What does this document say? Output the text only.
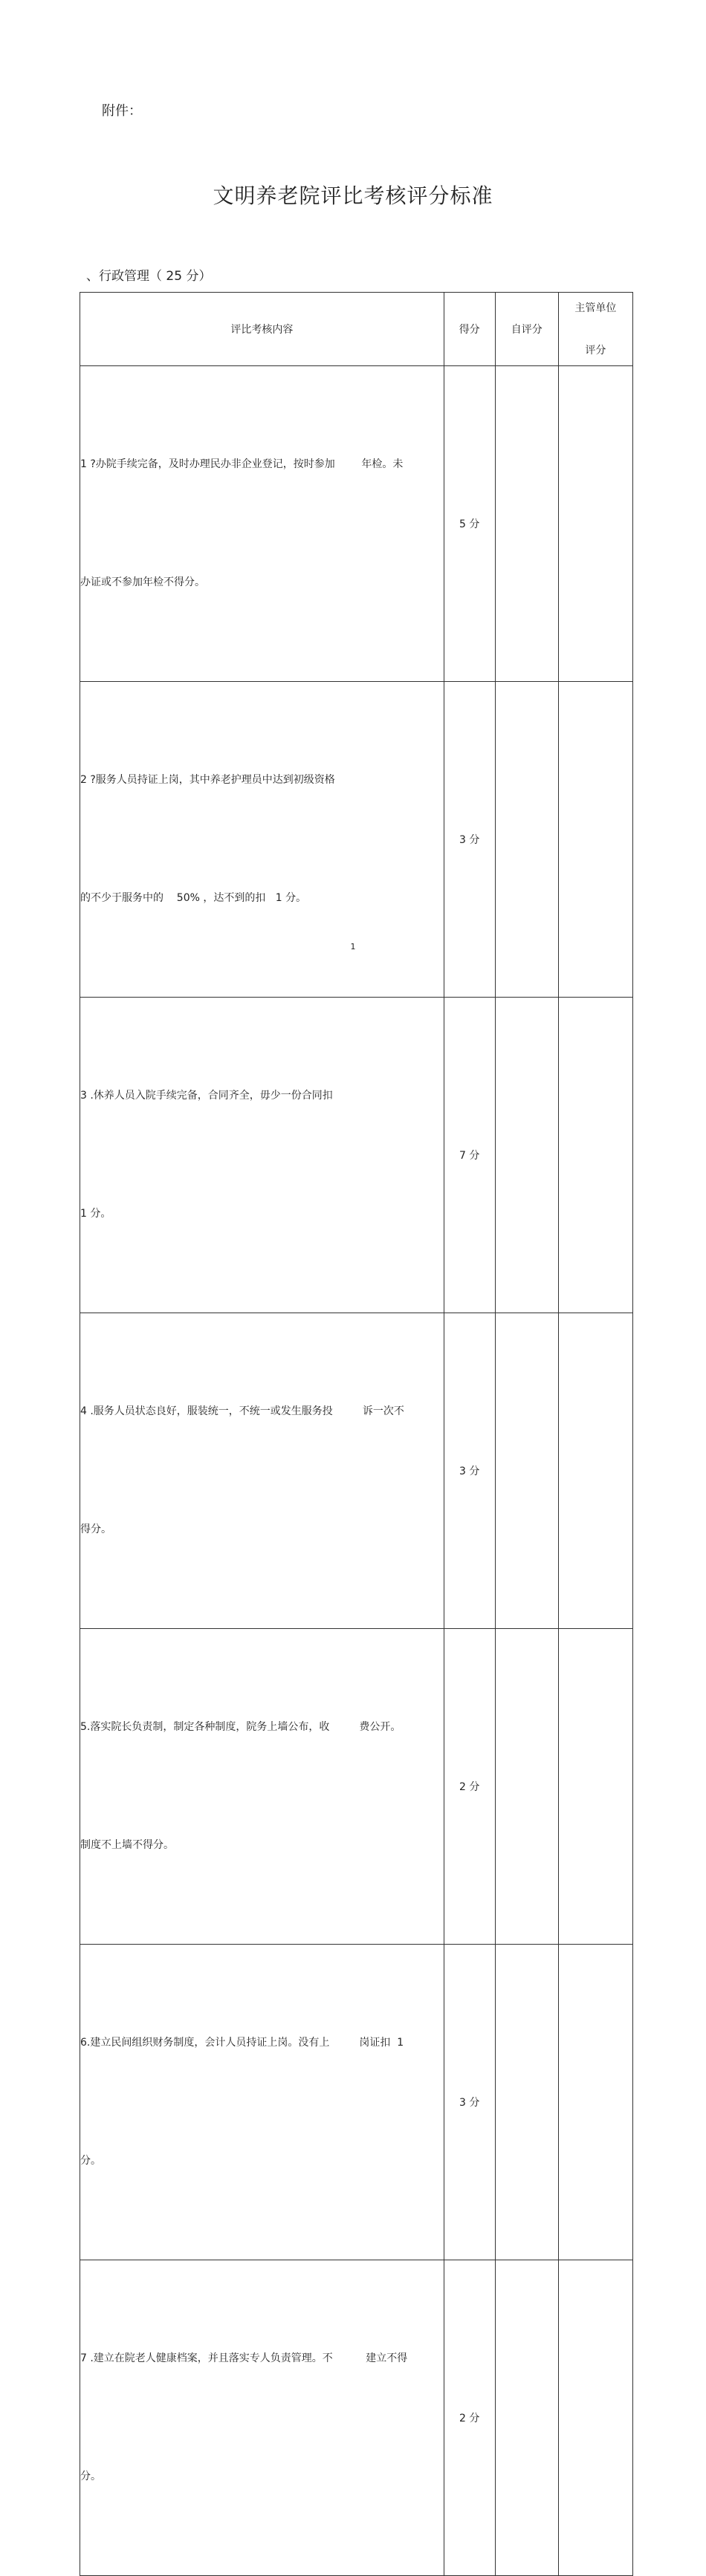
附件：
文明养老院评比考核评分标准
、行政管理（ 25 分）
评比考核内容	得分	自评分	主管单位
评分

1 ?办院手续完备，及时办理民办非企业登记，按时参加        年检。未

办证或不参加年检不得分。	5 分		

2 ?服务人员持证上岗，其中养老护理员中达到初级资格

的不少于服务中的    50% ，达不到的扣   1 分。	3 分		

3 .休养人员入院手续完备，合同齐全，毋少一份合同扣

1 分。	7 分		

4 .服务人员状态良好，服装统一，不统一或发生服务投         诉一次不

得分。	3 分		

5.落实院长负责制，制定各种制度，院务上墙公布，收         费公开。

制度不上墙不得分。	2 分		

6.建立民间组织财务制度，会计人员持证上岗。没有上         岗证扣  1

分。	3 分		

7 .建立在院老人健康档案，并且落实专人负责管理。不          建立不得

分。	2 分		
1
